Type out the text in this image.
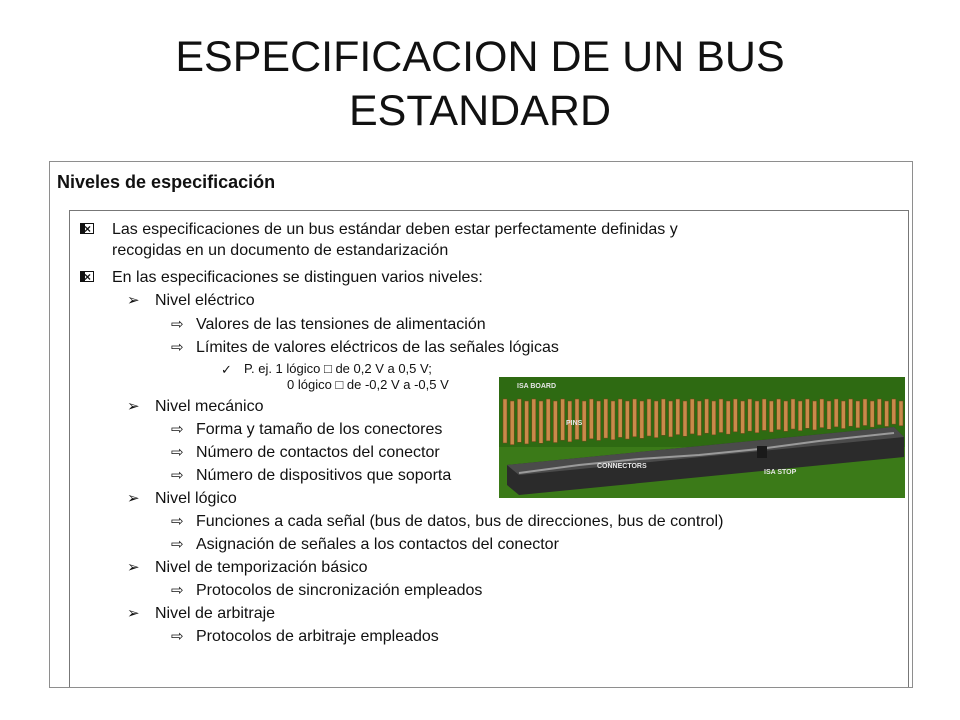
ESPECIFICACION DE UN BUS
ESTANDARD
Niveles de especificación
×
Las especificaciones de un bus estándar deben estar perfectamente definidas y
recogidas en un documento de estandarización
×
En las especificaciones se distinguen varios niveles:
➢ Nivel eléctrico
⇨ Valores de las tensiones de alimentación
⇨ Límites de valores eléctricos de las señales lógicas
✓ P. ej. 1 lógico □ de 0,2 V a 0,5 V;
0 lógico □ de -0,2 V a -0,5 V
➢ Nivel mecánico
⇨ Forma y tamaño de los conectores
⇨ Número de contactos del conector
⇨ Número de dispositivos que soporta
➢ Nivel lógico
⇨ Funciones a cada señal (bus de datos, bus de direcciones, bus de control)
⇨ Asignación de señales a los contactos del conector
➢ Nivel de temporización básico
⇨ Protocolos de sincronización empleados
➢ Nivel de arbitraje
⇨ Protocolos de arbitraje empleados
ISA BOARD
PINS
CONNECTORS
ISA STOP
